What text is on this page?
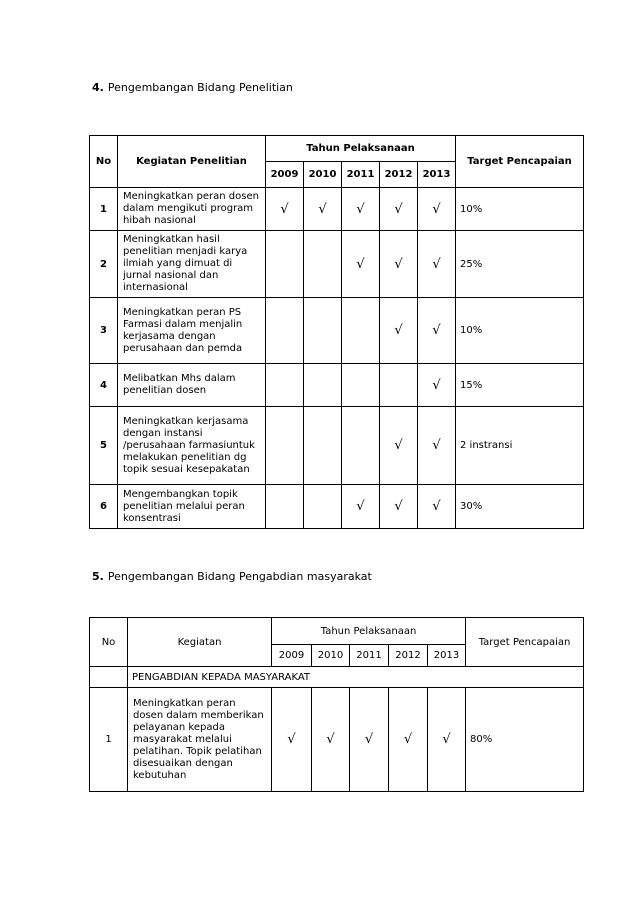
4. Pengembangan Bidang Penelitian
No	Kegiatan Penelitian	Tahun Pelaksanaan					Target Pencapaian
		2009	2010	2011	2012	2013	
1	Meningkatkan peran dosen dalam mengikuti program hibah nasional	√	√	√	√	√	10%
2	Meningkatkan hasil penelitian menjadi karya ilmiah yang dimuat di jurnal nasional dan internasional			√	√	√	25%
3	Meningkatkan peran PS Farmasi dalam menjalin kerjasama dengan perusahaan dan pemda				√	√	10%
4	Melibatkan Mhs dalam penelitian dosen					√	15%
5	Meningkatkan kerjasama dengan instansi /perusahaan farmasiuntuk melakukan penelitian dg topik sesuai kesepakatan				√	√	2 instransi
6	Mengembangkan topik penelitian melalui peran konsentrasi			√	√	√	30%
5. Pengembangan Bidang Pengabdian masyarakat
No	Kegiatan	Tahun Pelaksanaan					Target Pencapaian
		2009	2010	2011	2012	2013	
	PENGABDIAN KEPADA MASYARAKAT						
1	Meningkatkan peran dosen dalam memberikan pelayanan kepada masyarakat melalui pelatihan. Topik pelatihan disesuaikan dengan kebutuhan	√	√	√	√	√	80%
